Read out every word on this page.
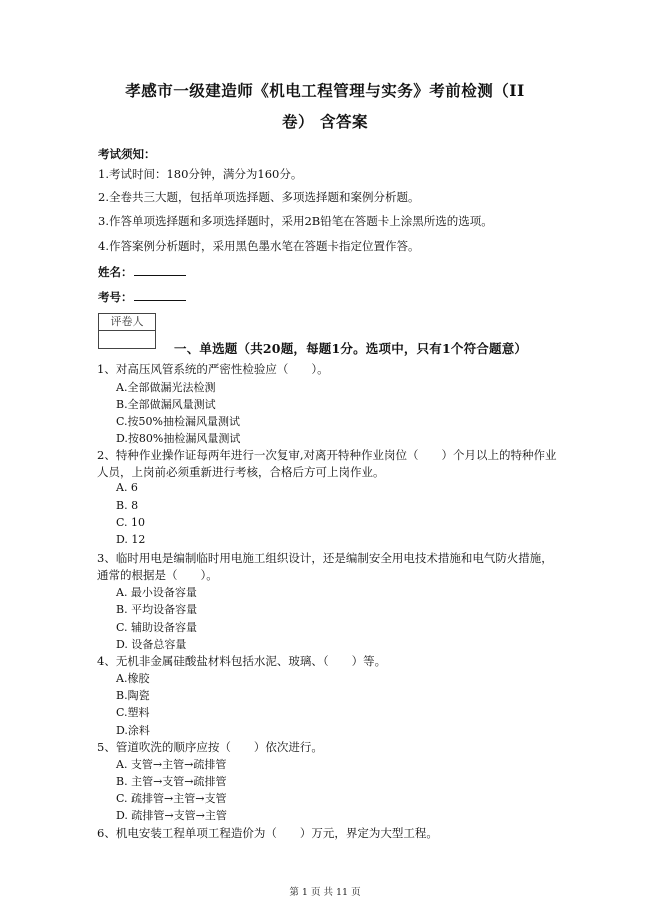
孝感市一级建造师《机电工程管理与实务》考前检测（II
卷） 含答案
考试须知：
1.考试时间：180分钟，满分为160分。
2.全卷共三大题，包括单项选择题、多项选择题和案例分析题。
3.作答单项选择题和多项选择题时，采用2B铅笔在答题卡上涂黑所选的选项。
4.作答案例分析题时，采用黑色墨水笔在答题卡指定位置作答。
姓名：
考号：
评卷人
一、单选题（共20题，每题1分。选项中，只有1个符合题意）
1、对高压风管系统的严密性检验应（　　）。
A.全部做漏光法检测
B.全部做漏风量测试
C.按50%抽检漏风量测试
D.按80%抽检漏风量测试
2、特种作业操作证每两年进行一次复审,对离开特种作业岗位（　　）个月以上的特种作业
人员，上岗前必须重新进行考核，合格后方可上岗作业。
A. 6
B. 8
C. 10
D. 12
3、临时用电是编制临时用电施工组织设计，还是编制安全用电技术措施和电气防火措施，
通常的根据是（　　）。
A. 最小设备容量
B. 平均设备容量
C. 辅助设备容量
D. 设备总容量
4、无机非金属硅酸盐材料包括水泥、玻璃、（　　）等。
A.橡胶
B.陶瓷
C.塑料
D.涂料
5、管道吹洗的顺序应按（　　）依次进行。
A. 支管→主管→疏排管
B. 主管→支管→疏排管
C. 疏排管→主管→支管
D. 疏排管→支管→主管
6、机电安装工程单项工程造价为（　　）万元，界定为大型工程。
第 1 页 共 11 页
